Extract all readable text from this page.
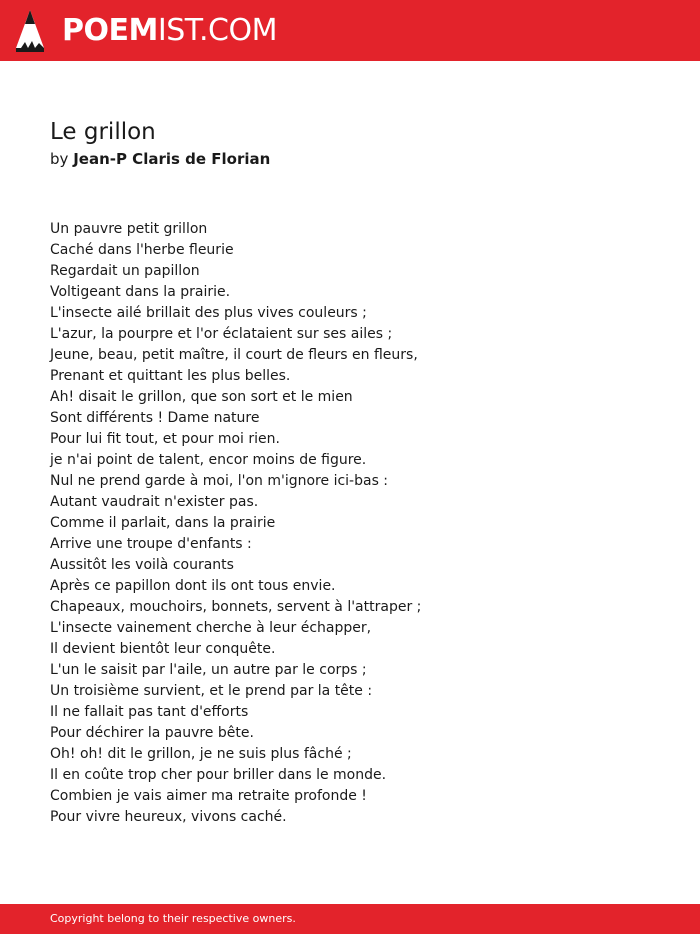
POEMIST.COM
Le grillon
by Jean-P Claris de Florian
Un pauvre petit grillon
Caché dans l'herbe fleurie
Regardait un papillon
Voltigeant dans la prairie.
L'insecte ailé brillait des plus vives couleurs ;
L'azur, la pourpre et l'or éclataient sur ses ailes ;
Jeune, beau, petit maître, il court de fleurs en fleurs,
Prenant et quittant les plus belles.
Ah! disait le grillon, que son sort et le mien
Sont différents ! Dame nature
Pour lui fit tout, et pour moi rien.
je n'ai point de talent, encor moins de figure.
Nul ne prend garde à moi, l'on m'ignore ici-bas :
Autant vaudrait n'exister pas.
Comme il parlait, dans la prairie
Arrive une troupe d'enfants :
Aussitôt les voilà courants
Après ce papillon dont ils ont tous envie.
Chapeaux, mouchoirs, bonnets, servent à l'attraper ;
L'insecte vainement cherche à leur échapper,
Il devient bientôt leur conquête.
L'un le saisit par l'aile, un autre par le corps ;
Un troisième survient, et le prend par la tête :
Il ne fallait pas tant d'efforts
Pour déchirer la pauvre bête.
Oh! oh! dit le grillon, je ne suis plus fâché ;
Il en coûte trop cher pour briller dans le monde.
Combien je vais aimer ma retraite profonde !
Pour vivre heureux, vivons caché.
Copyright belong to their respective owners.
